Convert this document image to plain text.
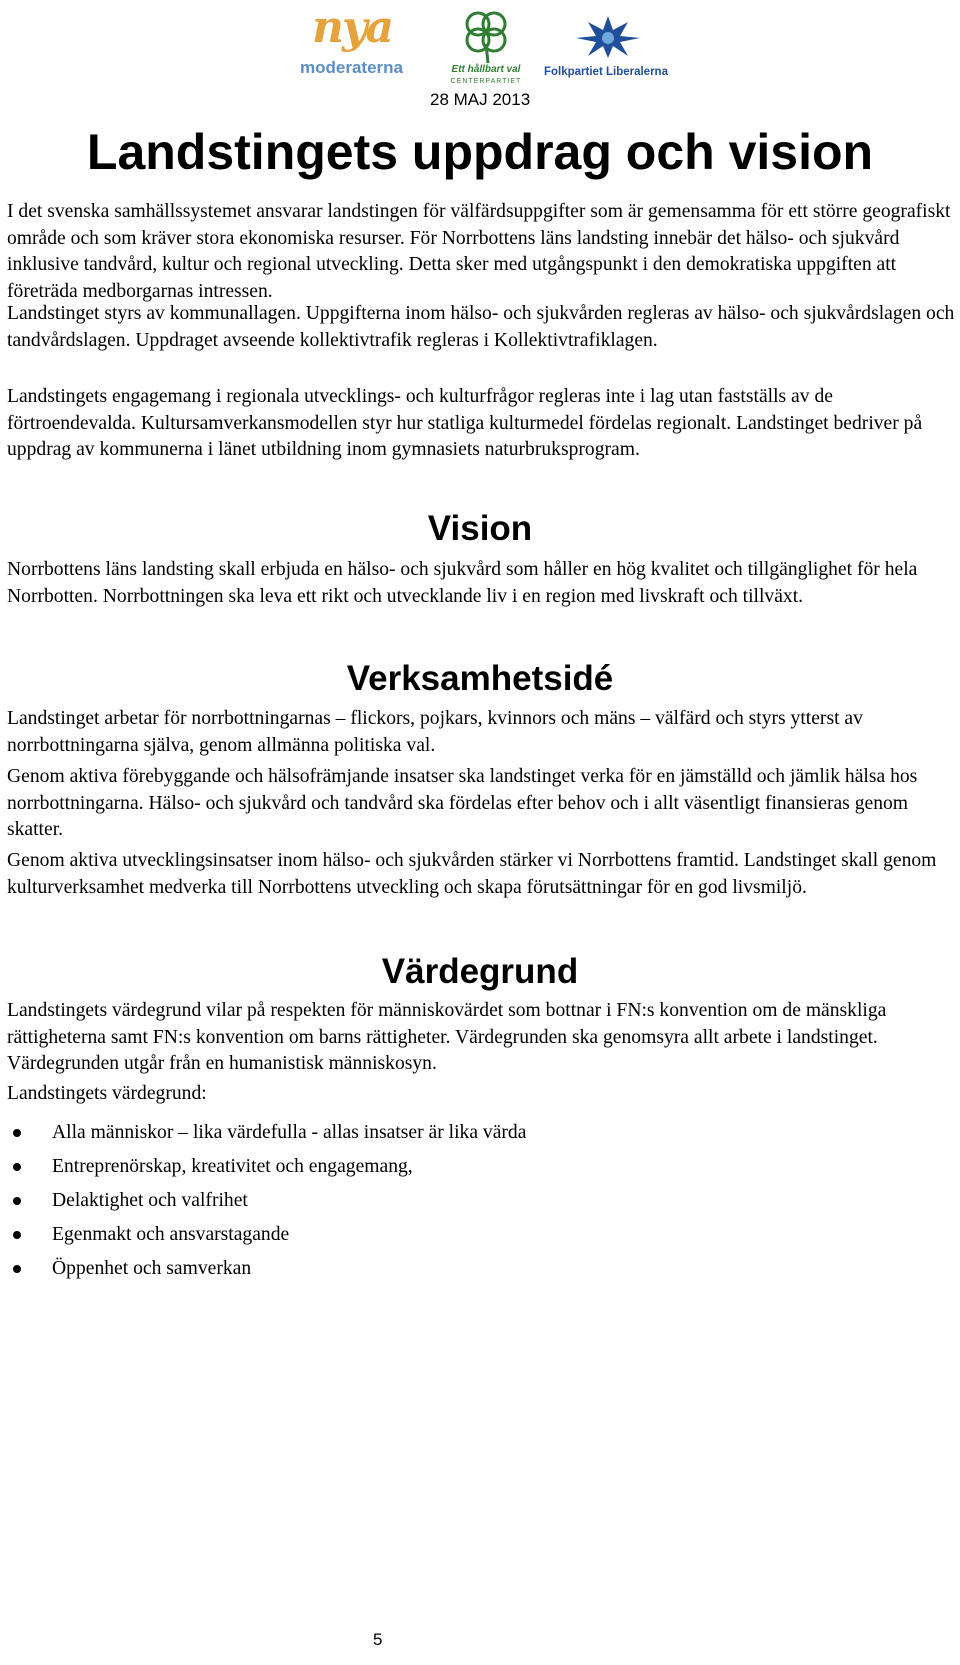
nya
moderaterna	Ett hållbart val
CENTERPARTIET
Folkpartiet Liberalerna
28 MAJ 2013
Landstingets uppdrag och vision

I det svenska samhällssystemet ansvarar landstingen för välfärdsuppgifter som är gemensamma för ett större geografiskt område och som kräver stora ekonomiska resurser. För Norrbottens läns landsting innebär det hälso- och sjukvård inklusive tandvård, kultur och regional utveckling. Detta sker med utgångspunkt i den demokratiska uppgiften att företräda medborgarnas intressen.

Landstinget styrs av kommunallagen. Uppgifterna inom hälso- och sjukvården regleras av hälso- och sjukvårdslagen och tandvårdslagen. Uppdraget avseende kollektivtrafik regleras i Kollektivtrafiklagen.

Landstingets engagemang i regionala utvecklings- och kulturfrågor regleras inte i lag utan fastställs av de förtroendevalda. Kultursamverkansmodellen styr hur statliga kulturmedel fördelas regionalt. Landstinget bedriver på uppdrag av kommunerna i länet utbildning inom gymnasiets naturbruksprogram.

Vision

Norrbottens läns landsting skall erbjuda en hälso- och sjukvård som håller en hög kvalitet och tillgänglighet för hela Norrbotten. Norrbottningen ska leva ett rikt och utvecklande liv i en region med livskraft och tillväxt.

Verksamhetsidé

Landstinget arbetar för norrbottningarnas – flickors, pojkars, kvinnors och mäns – välfärd och styrs ytterst av norrbottningarna själva, genom allmänna politiska val.

Genom aktiva förebyggande och hälsofrämjande insatser ska landstinget verka för en jämställd och jämlik hälsa hos norrbottningarna. Hälso- och sjukvård och tandvård ska fördelas efter behov och i allt väsentligt finansieras genom skatter.

Genom aktiva utvecklingsinsatser inom hälso- och sjukvården stärker vi Norrbottens framtid. Landstinget skall genom kulturverksamhet medverka till Norrbottens utveckling och skapa förutsättningar för en god livsmiljö.

Värdegrund

Landstingets värdegrund vilar på respekten för människovärdet som bottnar i FN:s konvention om de mänskliga rättigheterna samt FN:s konvention om barns rättigheter. Värdegrunden ska genomsyra allt arbete i landstinget. Värdegrunden utgår från en humanistisk människosyn.

Landstingets värdegrund:

Alla människor – lika värdefulla - allas insatser är lika värda
Entreprenörskap, kreativitet och engagemang,
Delaktighet och valfrihet
Egenmakt och ansvarstagande
Öppenhet och samverkan
5
